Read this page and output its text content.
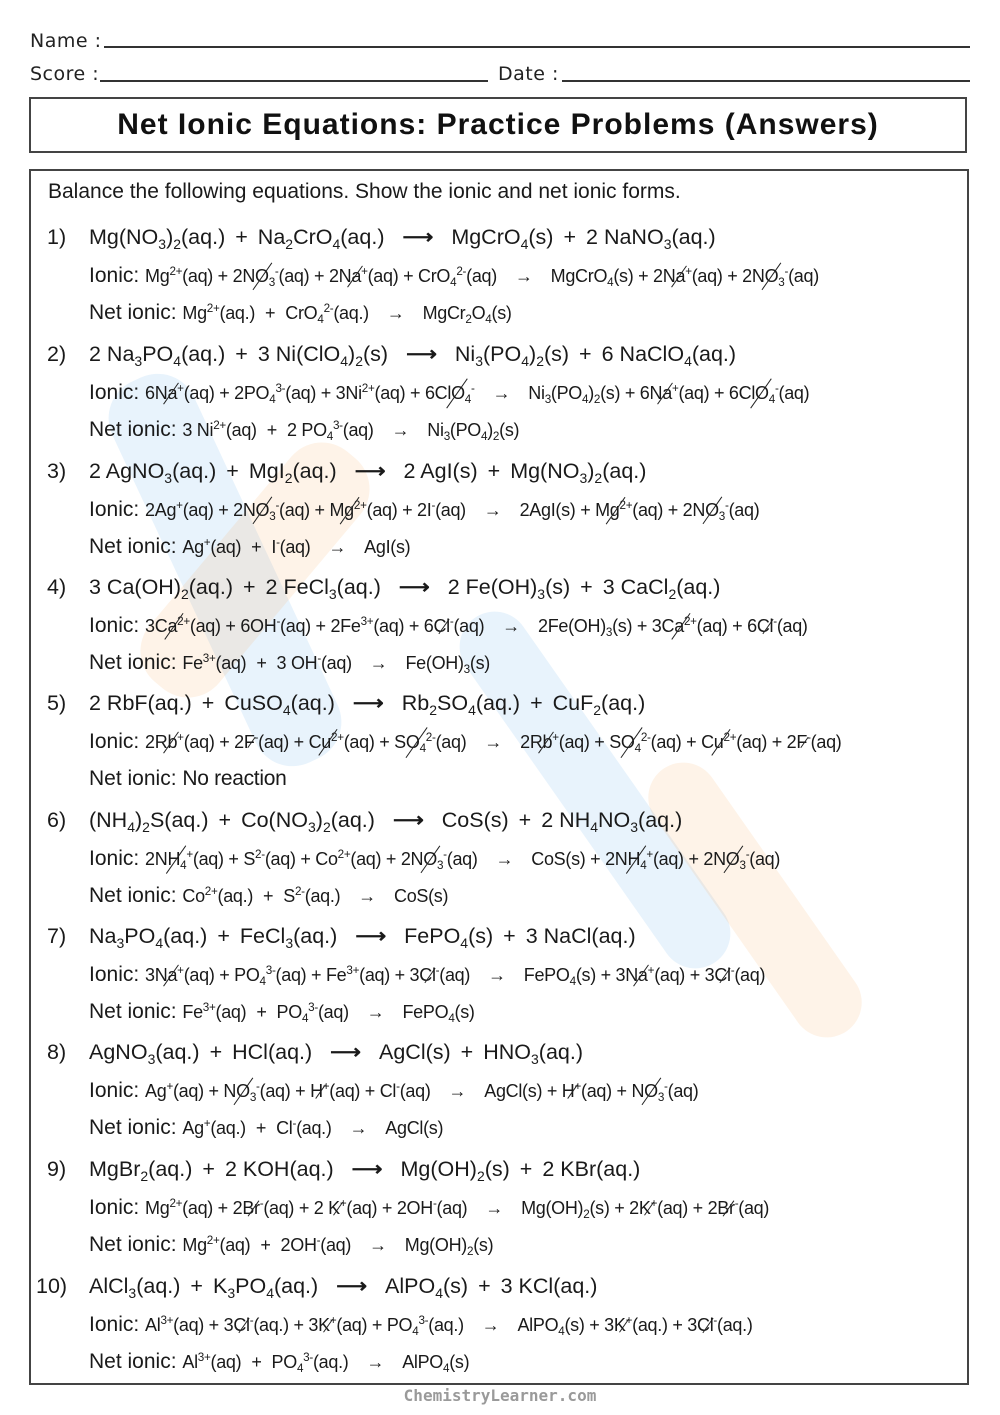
Name :
Score :	Date :
Net Ionic Equations: Practice Problems (Answers)
Balance the following equations. Show the ionic and net ionic forms.
1) $Mg(NO_3)_2(aq.) + Na_2CrO_4(aq.)$ ⟶ MgCrO$_4$(s) + 2 NaNO$_3$(aq.)
Ionic: $Mg^{2+}(aq) + 2NO_3^-(aq) + 2Na^+(aq) + CrO_4^{2-}(aq)$ → MgCrO$_4$(s) + $2Na^+(aq) + 2NO_3^-(aq)$
Net ionic: $Mg^{2+}(aq.) + CrO_4^{2-}(aq.)$ → $MgCr_2O_4(s)$
2) 2 $Na_3PO_4(aq.) + 3$ $Ni(ClO_4)_2(s)$ ⟶ $Ni_3(PO_4)_2(s) + 6$ NaClO$_4$(aq.)
Ionic: $6Na^+(aq) + 2PO_4^{3-}(aq) + 3Ni^{2+}(aq) + 6ClO_4^- \to Ni_3(PO_4)_2(s) + 6Na^+(aq) + 6ClO_4^-(aq)$
Net ionic: 3 $Ni^{2+}(aq) + 2$ $PO_4^{3-}(aq) \to Ni_3(PO_4)_2(s)$
3) 2 AgNO$_3$(aq.) + MgI$_2$(aq.) ⟶ 2 $AgI(s) + Mg(NO_3)_2(aq.)$
Ionic: $2Ag^+(aq) + 2NO_3^-(aq) + Mg^{2+}(aq) + 2I^-(aq) \to 2AgI(s) + Mg^{2+}(aq) + 2NO_3^-(aq)$
Net ionic: Ag+(aq) + I-(aq) → AgI(s)
4) 3 $Ca(OH)_2(aq.) + 2$ FeCl$_3$(aq.) ⟶ 2 $Fe(OH)_3(s) + 3$ CaCl$_2$(aq.)
Ionic: $3Ca^{2+}(aq) + 6OH^-(aq) + 2Fe^{3+}(aq) + 6Cl^-(aq) \to 2Fe(OH)_3(s) + 3Ca^{2+}(aq) + 6Cl^-(aq)$
Net ionic: $Fe^{3+}(aq) + 3$ $OH^-(aq) \to Fe(OH)_3(s)$
5) 2 RbF(aq.) + CuSO$_4$(aq.) ⟶ $Rb_2SO_4(aq.) + CuF_2(aq.)$
Ionic: $2Rb^+(aq) + 2F^-(aq) + Cu^{2+}(aq) + SO_4^{2-}(aq) \to 2Rb^+(aq) + SO_4^{2-}(aq) + Cu^{2+}(aq) + 2F^-(aq)$
Net ionic: No reaction
6) $(NH_4)_2S(aq.) + Co(NO_3)_2(aq.)$ ⟶ CoS(s) + 2 $NH_4NO_3(aq.)$
Ionic: $2NH_4^+(aq) + S^{2-}(aq) + Co^{2+}(aq) + 2NO_3^-(aq) \to CoS(s) + 2NH_4^+(aq) + 2NO_3^-(aq)$
Net ionic: $Co^{2+}(aq.) + S^{2-}(aq.) \to CoS(s)$
7) $Na_3PO_4(aq.)$ + FeCl$_3$(aq.) ⟶ FePO$_4$(s) + 3 NaCl(aq.)
Ionic: $3Na^+(aq) + PO_4^{3-}(aq) + Fe^{3+}(aq) + 3Cl^-(aq)$ → FePO$_4$(s) + 3Na+(aq) + 3Cl-(aq)
Net ionic: $Fe^{3+}(aq) + PO_4^{3-}(aq)$ → FePO$_4$(s)
8) AgNO$_3$(aq.) + HCl(aq.) ⟶ AgCl(s) + $HNO_3(aq.)$
Ionic: $Ag^+(aq) + NO_3^-(aq) + H^+(aq) + Cl^-(aq)$ → AgCl(s) + $H^+(aq) + NO_3^-(aq)$
Net ionic: Ag+(aq.) + Cl-(aq.) → AgCl(s)
9) MgBr$_2$(aq.) + 2 KOH(aq.) ⟶ $Mg(OH)_2(s) + 2$ KBr(aq.)
Ionic: $Mg^{2+}(aq) + 2Br^-(aq) + 2$ $K^+(aq) + 2OH^-(aq) \to Mg(OH)_2(s) + 2K^+(aq) + 2Br^-(aq)$
Net ionic: $Mg^{2+}(aq) + 2OH^-(aq) \to Mg(OH)_2(s)$
10) AlCl$_3$(aq.) + $K_3PO_4(aq.)$ ⟶ AlPO$_4$(s) + 3 KCl(aq.)
Ionic: $Al^{3+}(aq) + 3Cl^-(aq.) + 3K^+(aq) + PO_4^{3-}(aq.)$ → AlPO$_4$(s) + 3K+(aq.) + 3Cl-(aq.)
Net ionic: $Al^{3+}(aq) + PO_4^{3-}(aq.)$ → AlPO$_4$(s)
ChemistryLearner.com
